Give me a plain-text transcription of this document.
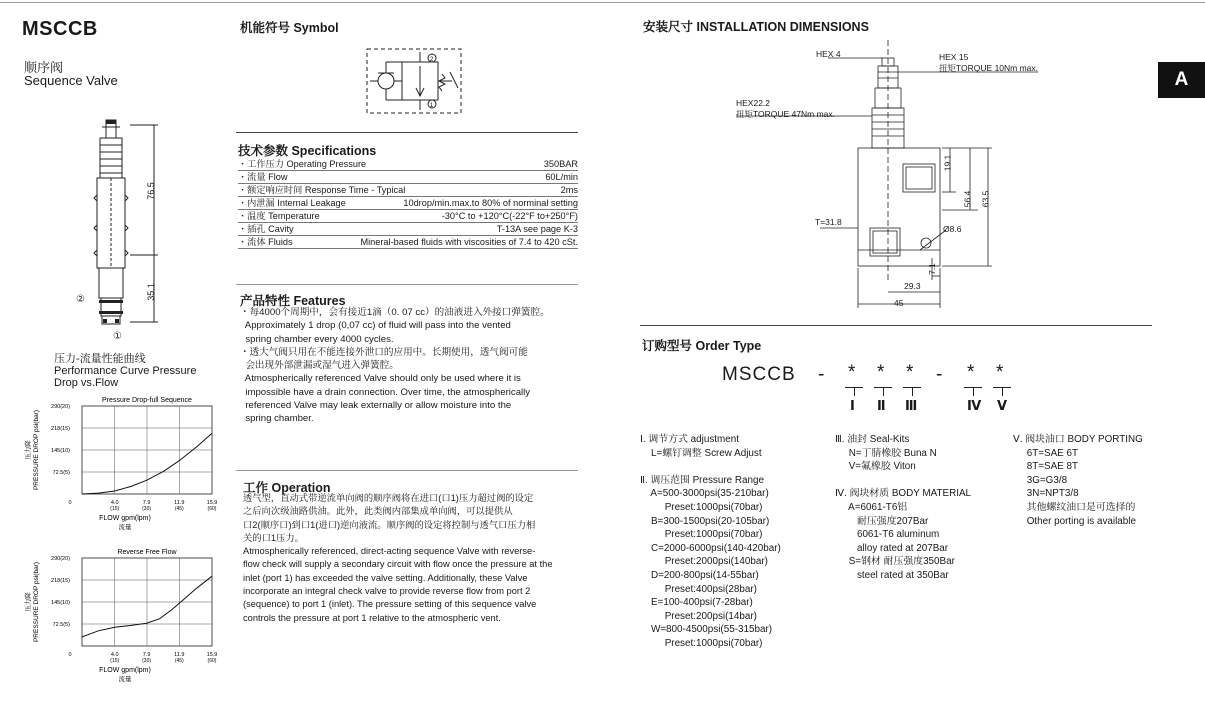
MSCCB
顺序阀
Sequence Valve	A
76.5
35.1
①
②
压力-流量性能曲线
Performance Curve Pressure
Drop vs.Flow
Pressure Drop-full Sequence
72.5(5)
145(10)
218(15)
290(20)
0	4.0
(15)
7.9
(30)
11.9
(45)
15.9
(60)
FLOW gpm(lpm)
流量
PRESSURE DROP psi(bar)
压力降
Reverse Free Flow
72.5(5)
145(10)
218(15)
290(20)
0	4.0
(15)
7.9
(30)
11.9
(45)
15.9
(60)
FLOW gpm(lpm)
流量
PRESSURE DROP psi(bar)
压力降
机能符号 Symbol
2
1
技术参数 Specifications
・工作压力 Operating Pressure	350BAR
・流量 Flow	60L/min
・额定响应时间 Response Time - Typical	2ms
・内泄漏 Internal Leakage	10drop/min.max.to 80% of norminal setting
・温度 Temperature	-30°C to +120°C(-22°F to+250°F)
・插孔 Cavity	T-13A see page K-3
・流体 Fluids	Mineral-based fluids with viscosities of 7.4 to 420 cSt.
产品特性 Features
・每4000个周期中，会有接近1滴（0. 07 cc）的油液进入外接口弹簧腔。
Approximately 1 drop (0,07 cc) of fluid will pass into the vented
spring chamber every 4000 cycles.
・透大气阀只用在不能连接外泄口的应用中。长期使用，透气阀可能
会出现外部泄漏或湿气进入弹簧腔。
Atmospherically referenced Valve should only be used where it is
impossible have a drain connection. Over time, the atmospherically
referenced Valve may leak externally or allow moisture into the
spring chamber.
工作 Operation
透气型，直动式带逆流单向阀的顺序阀将在进口(口1)压力超过阀的设定
之后向次级油路供油。此外，此类阀内部集成单向阀，可以提供从
口2(顺序口)到口1(进口)逆向液流。顺序阀的设定将控制与透气口压力相
关的口1压力。
Atmospherically referenced, direct-acting sequence Valve with reverse-
flow check will supply a secondary circuit with flow once the pressure at the
inlet (port 1) has exceeded the valve setting. Additionally, these Valve
incorporate an integral check valve to provide reverse flow from port 2
(sequence) to port 1 (inlet). The pressure setting of this sequence valve
controls the pressure at port 1 relative to the atmospheric vent.
安装尺寸 INSTALLATION DIMENSIONS
HEX 4	HEX 15
扭矩TORQUE 10Nm max.
HEX22.2
扭矩TORQUE 47Nm max.
T=31.8
19.1
56.4 63.5
Ø8.6
7.1
29.3
45
订购型号 Order Type
MSCCB - * * * - * *
Ⅰ Ⅱ Ⅲ	Ⅳ Ⅴ
Ⅰ. 调节方式 adjustment
L=螺钉调整 Screw Adjust
Ⅱ. 调压范围 Pressure Range
A=500-3000psi(35-210bar)
Preset:1000psi(70bar)
B=300-1500psi(20-105bar)
Preset:1000psi(70bar)
C=2000-6000psi(140-420bar)
Preset:2000psi(140bar)
D=200-800psi(14-55bar)
Preset:400psi(28bar)
E=100-400psi(7-28bar)
Preset:200psi(14bar)
W=800-4500psi(55-315bar)
Preset:1000psi(70bar)
Ⅲ. 油封 Seal-Kits
N=丁腈橡胶 Buna N
V=氟橡胶 Viton
Ⅳ. 阀块材质 BODY MATERIAL
A=6061-T6铝
耐压强度207Bar
6061-T6 aluminum
alloy rated at 207Bar
S=钢材 耐压强度350Bar
steel rated at 350Bar
Ⅴ. 阀块油口 BODY PORTING
6T=SAE 6T
8T=SAE 8T
3G=G3/8
3N=NPT3/8
其他螺纹油口是可选择的
Other porting is available
